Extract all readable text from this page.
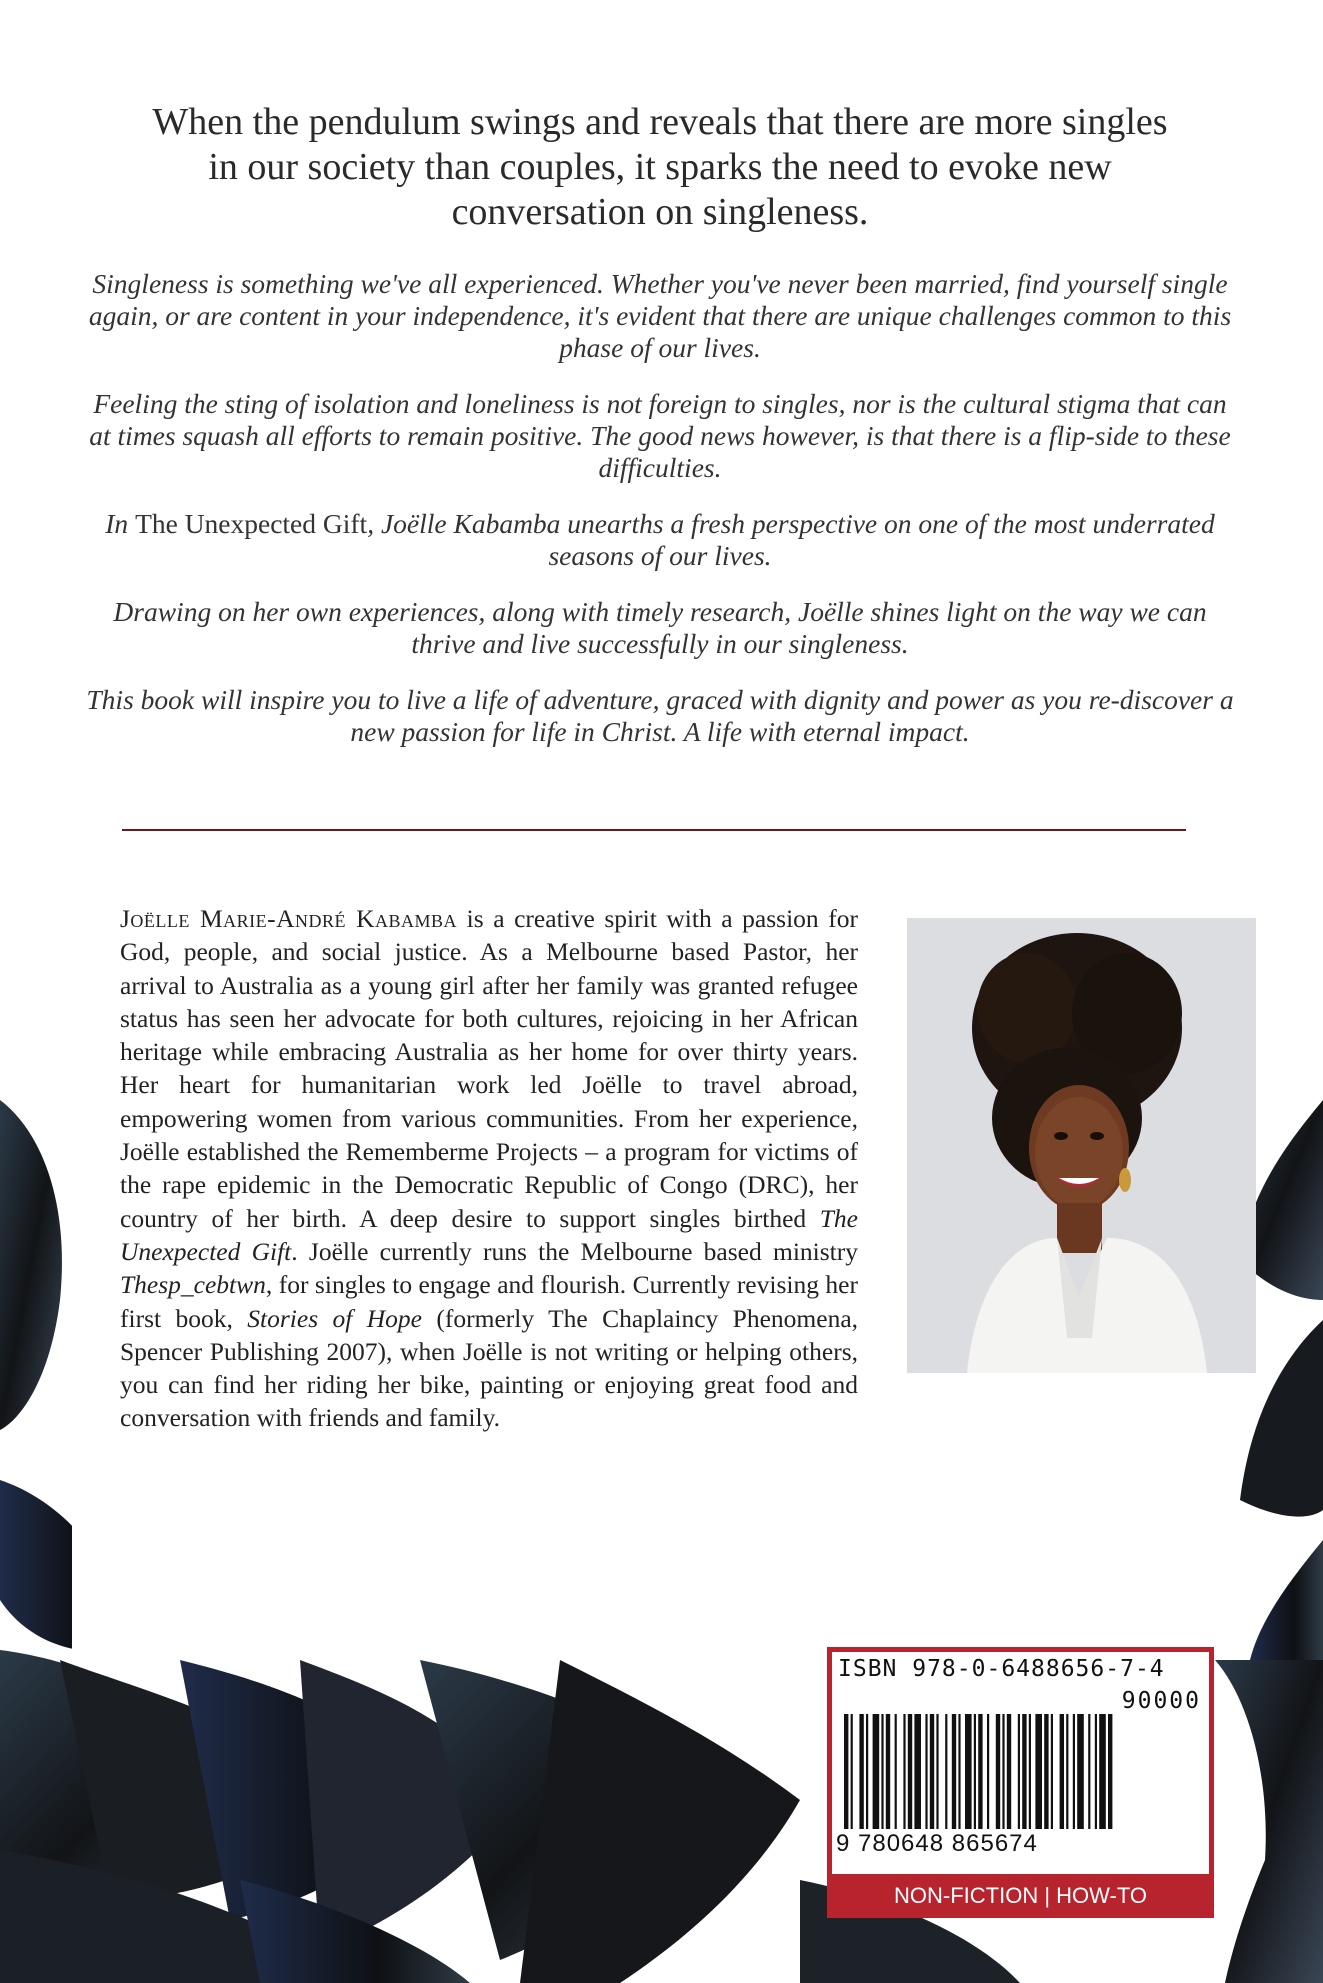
When the pendulum swings and reveals that there are more singles in our society than couples, it sparks the need to evoke new conversation on singleness.
Singleness is something we've all experienced. Whether you've never been married, find yourself single again, or are content in your independence, it's evident that there are unique challenges common to this phase of our lives.
Feeling the sting of isolation and loneliness is not foreign to singles, nor is the cultural stigma that can at times squash all efforts to remain positive. The good news however, is that there is a flip-side to these difficulties.
In The Unexpected Gift, Joëlle Kabamba unearths a fresh perspective on one of the most underrated seasons of our lives.
Drawing on her own experiences, along with timely research, Joëlle shines light on the way we can thrive and live successfully in our singleness.
This book will inspire you to live a life of adventure, graced with dignity and power as you re-discover a new passion for life in Christ. A life with eternal impact.
Joëlle Marie-André Kabamba is a creative spirit with a passion for God, people, and social justice. As a Melbourne based Pastor, her arrival to Australia as a young girl after her family was granted refugee status has seen her advocate for both cultures, rejoicing in her African heritage while embracing Australia as her home for over thirty years. Her heart for humanitarian work led Joëlle to travel abroad, empowering women from various communities. From her experience, Joëlle established the Rememberme Projects – a program for victims of the rape epidemic in the Democratic Republic of Congo (DRC), her country of her birth. A deep desire to support singles birthed The Unexpected Gift. Joëlle currently runs the Melbourne based ministry Thesp_cebtwn, for singles to engage and flourish. Currently revising her first book, Stories of Hope (formerly The Chaplaincy Phenomena, Spencer Publishing 2007), when Joëlle is not writing or helping others, you can find her riding her bike, painting or enjoying great food and conversation with friends and family.
ISBN 978-0-6488656-7-4
90000
9 780648 865674
NON-FICTION | HOW-TO
